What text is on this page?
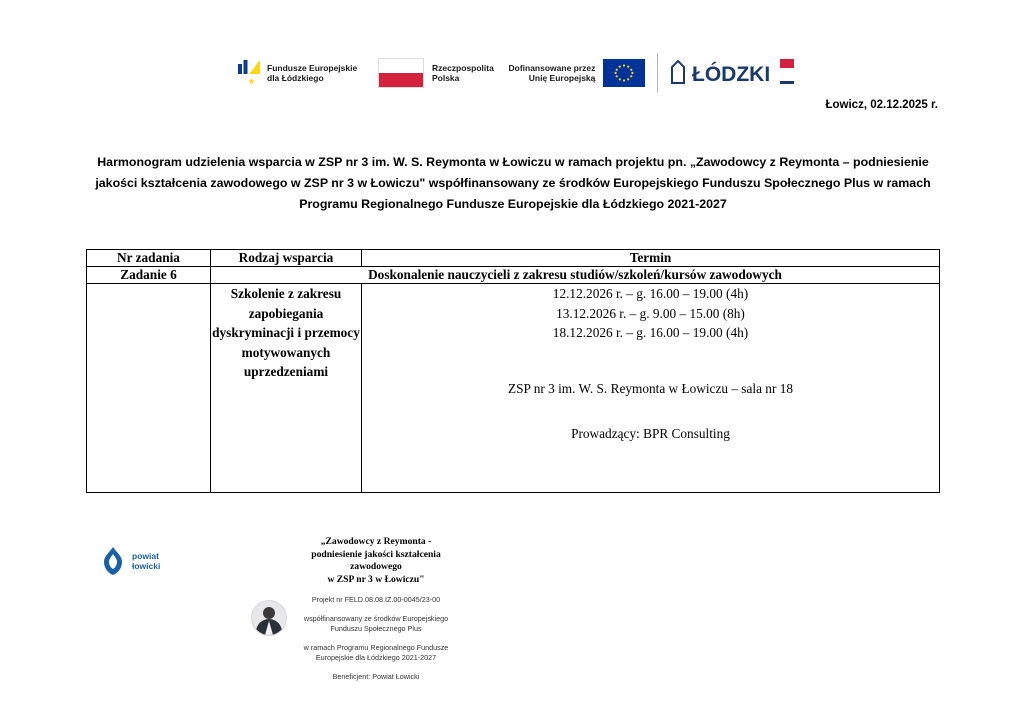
Fundusze Europejskie
dla Łódzkiego
Rzeczpospolita
Polska
Dofinansowane przez
Unię Europejską	ŁÓDZKI
Łowicz, 02.12.2025 r.
Harmonogram udzielenia wsparcia w ZSP nr 3 im. W. S. Reymonta w Łowiczu w ramach projektu pn. „Zawodowcy z Reymonta – podniesienie jakości kształcenia zawodowego w ZSP nr 3 w Łowiczu" współfinansowany ze środków Europejskiego Funduszu Społecznego Plus w ramach Programu Regionalnego Fundusze Europejskie dla Łódzkiego 2021-2027
Nr zadania	Rodzaj wsparcia	Termin
Zadanie 6	Doskonalenie nauczycieli z zakresu studiów/szkoleń/kursów zawodowych	
	Szkolenie z zakresu zapobiegania dyskryminacji i przemocy motywowanych uprzedzeniami	12.12.2026 r. – g. 16.00 – 19.00 (4h)
13.12.2026 r. – g. 9.00 – 15.00 (8h)
18.12.2026 r. – g. 16.00 – 19.00 (4h)
ZSP nr 3 im. W. S. Reymonta w Łowiczu – sala nr 18
Prowadzący: BPR Consulting
powiat
łowicki
„Zawodowcy z Reymonta -
podniesienie jakości kształcenia
zawodowego
w ZSP nr 3 w Łowiczu"

Projekt nr FELD.08.08.IZ.00-0045/23-00

współfinansowany ze środków Europejskiego
Funduszu Społecznego Plus

w ramach Programu Regionalnego Fundusze
Europejskie dla Łódzkiego 2021-2027

Beneficjent: Powiat Łowicki
